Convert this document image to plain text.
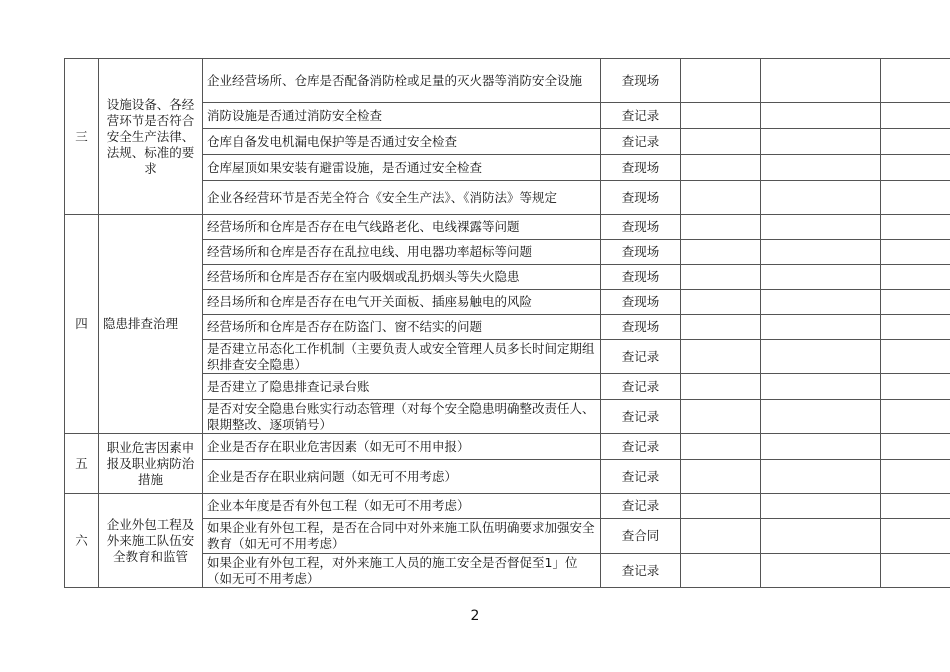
三	设施设备、各经营环节是否符合安全生产法律、法规、标准的要求	企业经营场所、仓库是否配备消防栓或足量的灭火器等消防安全设施	查现场			
		消防设施是否通过消防安全检查	查记录			
		仓库自备发电机漏电保护等是否通过安全检查	查记录			
		仓库屋顶如果安装有避雷设施，是否通过安全检查	查现场			
		企业各经营环节是否芜全符合《安全生产法》、《消防法》等规定	查现场			
四	隐患排查治理	经营场所和仓库是否存在电气线路老化、电线裸露等问题	查现场			
		经营场所和仓库是否存在乱拉电线、用电器功率超标等问题	查现场			
		经营场所和仓库是否存在室内吸烟或乱扔烟头等失火隐患	查现场			
		经吕场所和仓库是否存在电气开关面板、插座易触电的风险	查现场			
		经营场所和仓库是否存在防盗门、窗不结实的问题	查现场			
		是否建立吊态化工作机制（主要负责人或安全管理人员多长时间定期组织排查安全隐患）	查记录			
		是否建立了隐患排查记录台账	查记录			
		是否对安全隐患台账实行动态管理（对每个安全隐患明确整改责任人、限期整改、逐项销号）	查记录			
五	职业危害因素申报及职业病防治措施	企业是否存在职业危害因素（如无可不用申报）	查记录			
		企业是否存在职业病问题（如无可不用考虑）	查记录			
六	企业外包工程及外来施工队伍安全教育和监管	企业本年度是否有外包工程（如无可不用考虑）	查记录			
		如果企业有外包工程，是否在合同中对外来施工队伍明确要求加强安全教育（如无可不用考虑）	查合同			
		如果企业有外包工程，对外来施工人员的施工安全是否督促至1」位（如无可不用考虑）	查记录			
2
